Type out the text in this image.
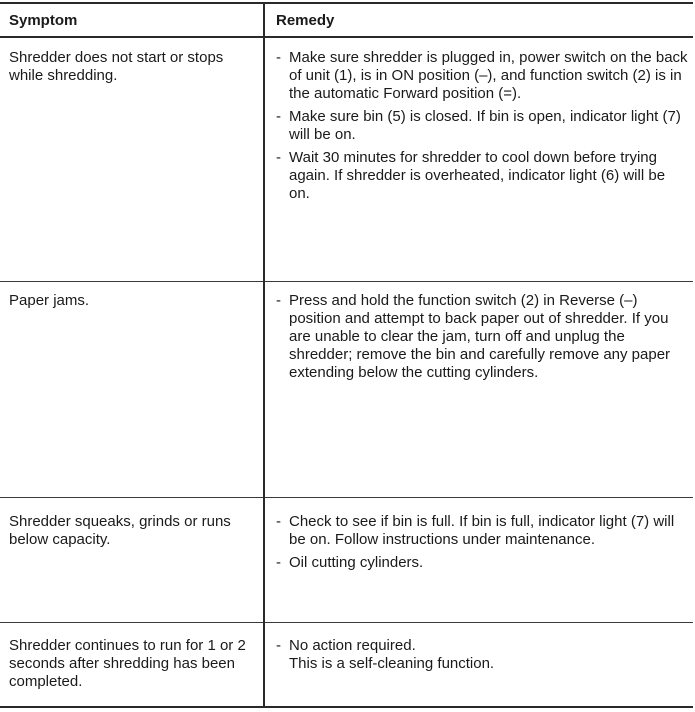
Symptom	Remedy
Shredder does not start or stops while shredding.
- Make sure shredder is plugged in, power switch on the back of unit (1), is in ON position (–), and function switch (2) is in the automatic Forward position (=).
- Make sure bin (5) is closed. If bin is open, indicator light (7) will be on.
- Wait 30 minutes for shredder to cool down before trying again. If shredder is overheated, indicator light (6) will be on.
Paper jams.	- Press and hold the function switch (2) in Reverse (–) position and attempt to back paper out of shredder. If you are unable to clear the jam, turn off and unplug the shredder; remove the bin and carefully remove any paper extending below the cutting cylinders.
Shredder squeaks, grinds or runs below capacity.
- Check to see if bin is full. If bin is full, indicator light (7) will be on. Follow instructions under maintenance.
- Oil cutting cylinders.
Shredder continues to run for 1 or 2 seconds after shredding has been completed.
- No action required.
This is a self-cleaning function.
